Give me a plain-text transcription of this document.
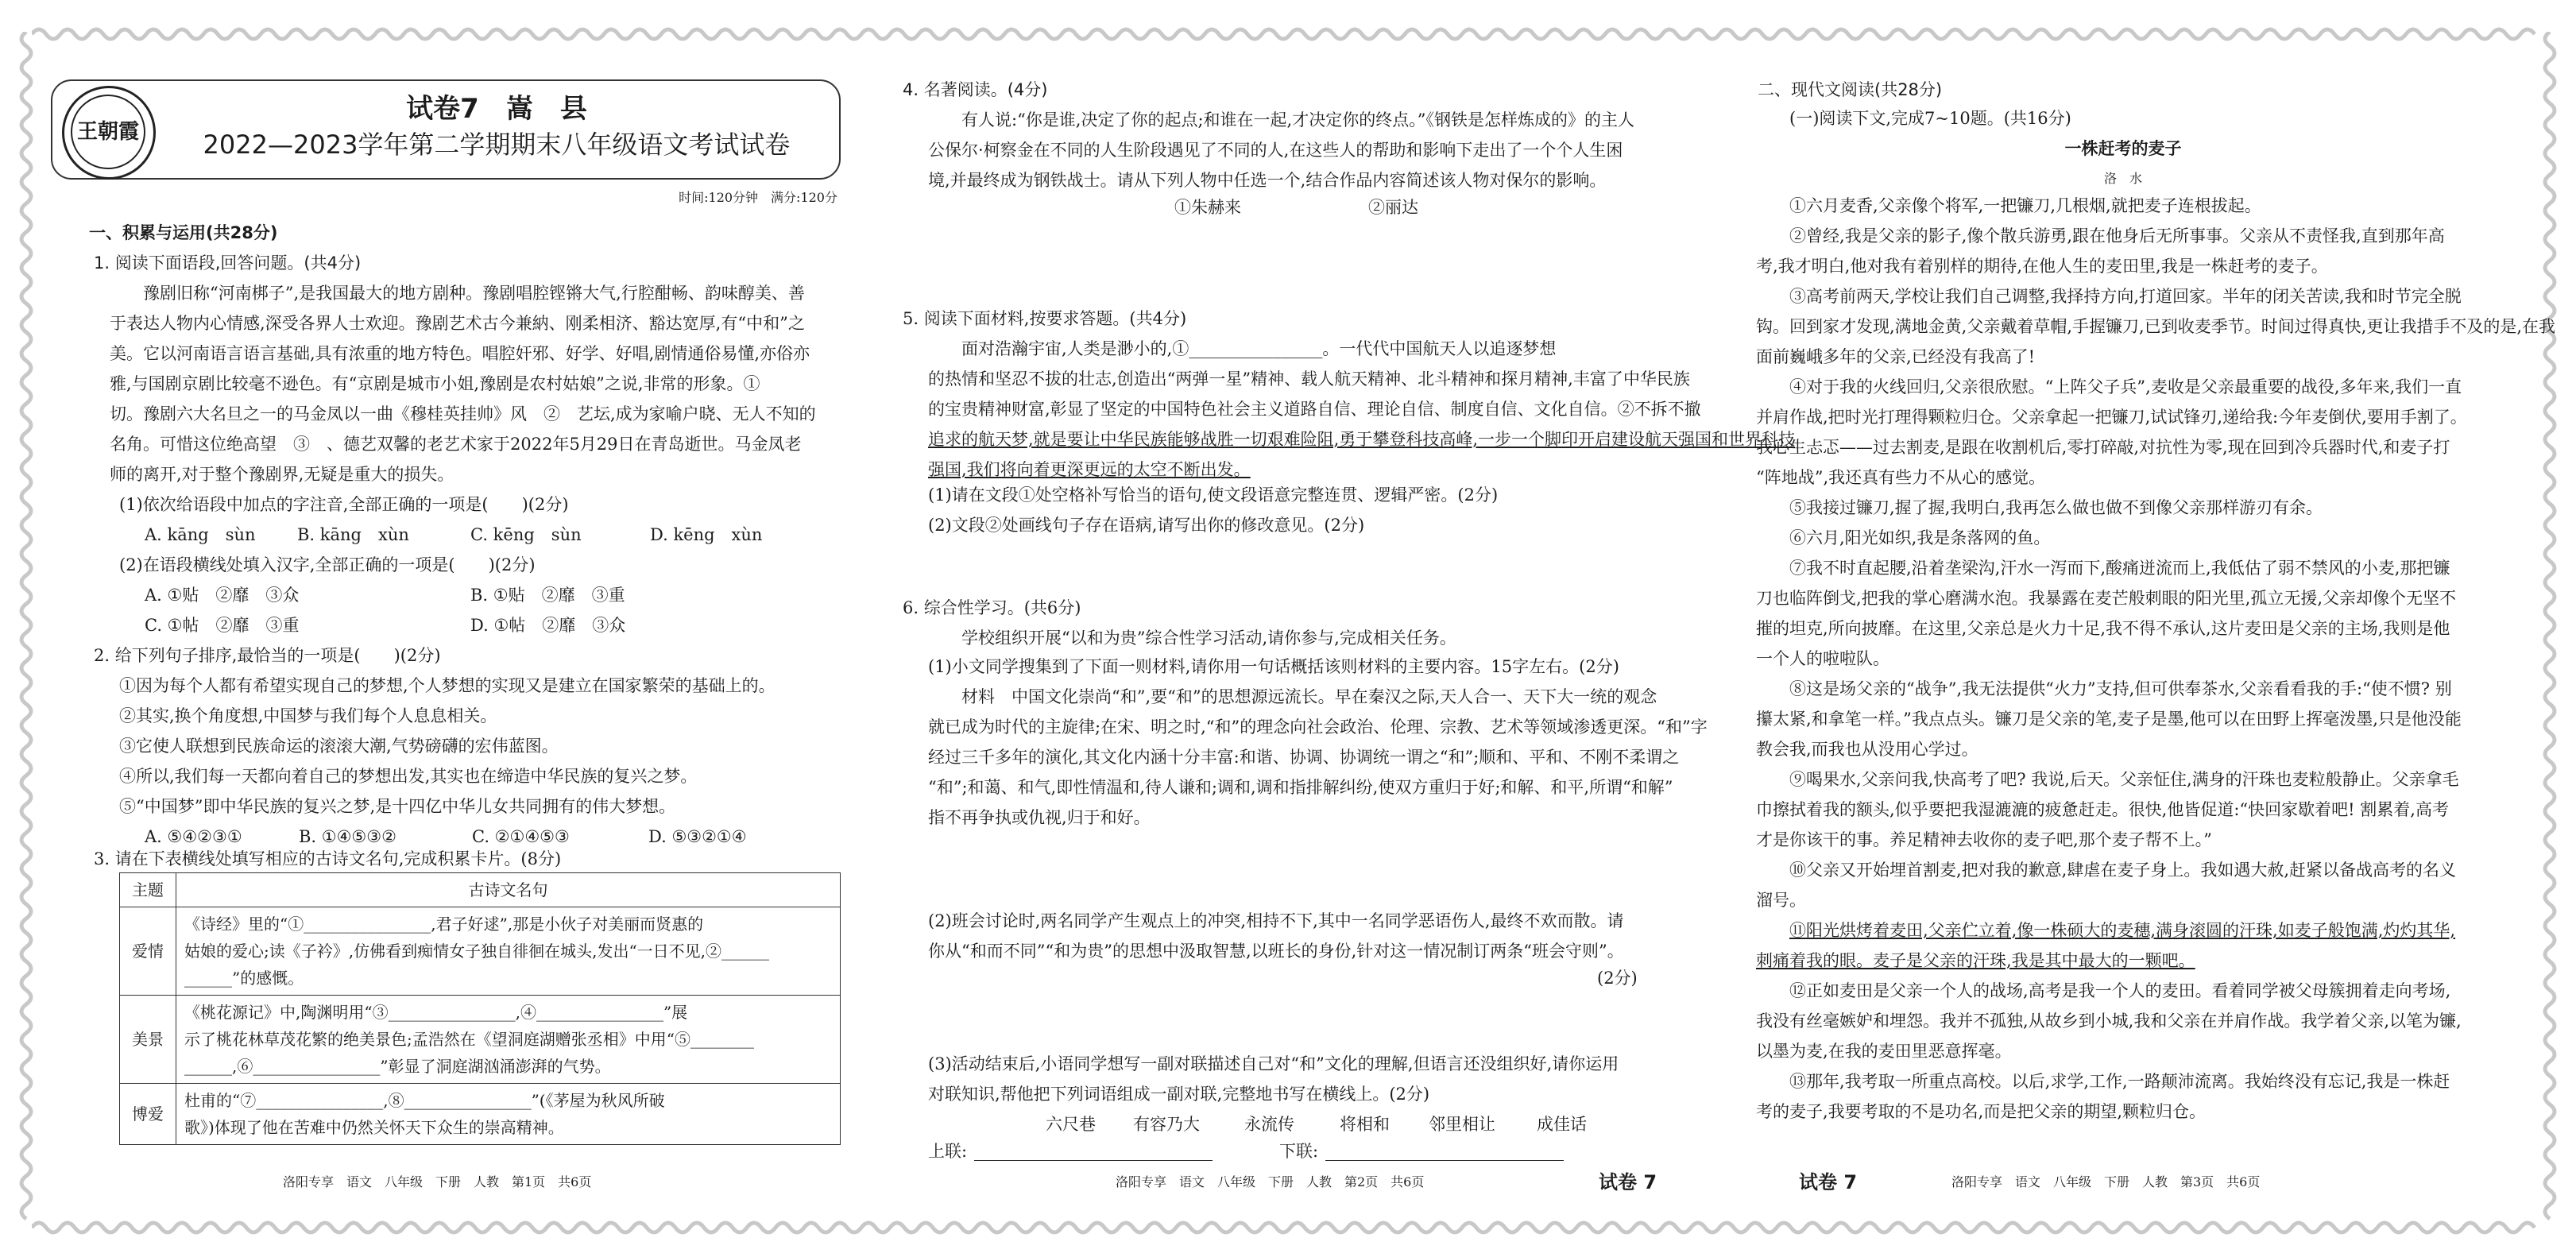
王朝霞
试卷7　嵩　县
2022—2023学年第二学期期末八年级语文考试试卷
时间:120分钟　满分:120分
一、积累与运用(共28分)
1. 阅读下面语段,回答问题。(共4分)
豫剧旧称“河南梆子”,是我国最大的地方剧种。豫剧唱腔铿锵大气,行腔酣畅、韵味醇美、善
于表达人物内心情感,深受各界人士欢迎。豫剧艺术古今兼納、刚柔相济、豁达宽厚,有“中和”之
美。它以河南语言语言基础,具有浓重的地方特色。唱腔奸邪、好学、好唱,剧情通俗易懂,亦俗亦
雅,与国剧京剧比较毫不逊色。有“京剧是城市小姐,豫剧是农村姑娘”之说,非常的形象。①
切。豫剧六大名旦之一的马金凤以一曲《穆桂英挂帅》风　②　艺坛,成为家喻户晓、无人不知的
名角。可惜这位绝高望　③　、德艺双馨的老艺术家于2022年5月29日在青岛逝世。马金凤老
师的离开,对于整个豫剧界,无疑是重大的损失。
(1)依次给语段中加点的字注音,全部正确的一项是(　　)(2分)
A. kāng　sùn B. kāng　xùn	C. kēng　sùn	D. kēng　xùn
(2)在语段横线处填入汉字,全部正确的一项是(　　)(2分)
A. ①贴　②靡　③众	B. ①贴　②靡　③重
C. ①帖　②靡　③重	D. ①帖　②靡　③众
2. 给下列句子排序,最恰当的一项是(　　)(2分)
①因为每个人都有希望实现自己的梦想,个人梦想的实现又是建立在国家繁荣的基础上的。
②其实,换个角度想,中国梦与我们每个人息息相关。
③它使人联想到民族命运的滚滚大潮,气势磅礴的宏伟蓝图。
④所以,我们每一天都向着自己的梦想出发,其实也在缔造中华民族的复兴之梦。
⑤“中国梦”即中华民族的复兴之梦,是十四亿中华儿女共同拥有的伟大梦想。
A. ⑤④②③①	B. ①④⑤③②	C. ②①④⑤③	D. ⑤③②①④
3. 请在下表横线处填写相应的古诗文名句,完成积累卡片。(8分)
主题	古诗文名句
爱情	《诗经》里的“①________________,君子好逑”,那是小伙子对美丽而贤惠的
姑娘的爱心;读《子衿》,仿佛看到痴情女子独自徘徊在城头,发出“一日不见,②______
______”的感慨。

美景	《桃花源记》中,陶渊明用“③________________,④________________”展
示了桃花林草茂花繁的绝美景色;孟浩然在《望洞庭湖赠张丞相》中用“⑤________
______,⑥________________”彰显了洞庭湖汹涌澎湃的气势。

博爱	杜甫的“⑦________________,⑧________________”(《茅屋为秋风所破
歌》)体现了他在苦难中仍然关怀天下众生的崇高精神。
洛阳专享　语文　八年级　下册　人教　第1页　共6页
4. 名著阅读。(4分)
有人说:“你是谁,决定了你的起点;和谁在一起,才决定你的终点。”《钢铁是怎样炼成的》的主人
公保尔·柯察金在不同的人生阶段遇见了不同的人,在这些人的帮助和影响下走出了一个个人生困
境,并最终成为钢铁战士。请从下列人物中任选一个,结合作品内容简述该人物对保尔的影响。
①朱赫来	②丽达
5. 阅读下面材料,按要求答题。(共4分)
面对浩瀚宇宙,人类是渺小的,①________________。一代代中国航天人以追逐梦想
的热情和坚忍不拔的壮志,创造出“两弹一星”精神、载人航天精神、北斗精神和探月精神,丰富了中华民族
的宝贵精神财富,彰显了坚定的中国特色社会主义道路自信、理论自信、制度自信、文化自信。②不拆不撤
追求的航天梦,就是要让中华民族能够战胜一切艰难险阻,勇于攀登科技高峰,一步一个脚印开启建设航天强国和世界科技
强国,我们将向着更深更远的太空不断出发。
(1)请在文段①处空格补写恰当的语句,使文段语意完整连贯、逻辑严密。(2分)
(2)文段②处画线句子存在语病,请写出你的修改意见。(2分)
6. 综合性学习。(共6分)
学校组织开展“以和为贵”综合性学习活动,请你参与,完成相关任务。
(1)小文同学搜集到了下面一则材料,请你用一句话概括该则材料的主要内容。15字左右。(2分)
材料　中国文化崇尚“和”,要“和”的思想源远流长。早在秦汉之际,天人合一、天下大一统的观念
就已成为时代的主旋律;在宋、明之时,“和”的理念向社会政治、伦理、宗教、艺术等领域渗透更深。“和”字
经过三千多年的演化,其文化内涵十分丰富:和谐、协调、协调统一谓之“和”;顺和、平和、不刚不柔谓之
“和”;和蔼、和气,即性情温和,待人谦和;调和,调和指排解纠纷,使双方重归于好;和解、和平,所谓“和解”
指不再争执或仇视,归于和好。
(2)班会讨论时,两名同学产生观点上的冲突,相持不下,其中一名同学恶语伤人,最终不欢而散。请
你从“和而不同”“和为贵”的思想中汲取智慧,以班长的身份,针对这一情况制订两条“班会守则”。
(2分)
(3)活动结束后,小语同学想写一副对联描述自己对“和”文化的理解,但语言还没组织好,请你运用
对联知识,帮他把下列词语组成一副对联,完整地书写在横线上。(2分)
六尺巷 有容乃大	永流传	将相和 邻里相让 成佳话
上联:	下联:
洛阳专享　语文　八年级　下册　人教　第2页　共6页	试卷 7
二、现代文阅读(共28分)
(一)阅读下文,完成7~10题。(共16分)
一株赶考的麦子
洛　水
①六月麦香,父亲像个将军,一把镰刀,几根烟,就把麦子连根拔起。
②曾经,我是父亲的影子,像个散兵游勇,跟在他身后无所事事。父亲从不责怪我,直到那年高
考,我才明白,他对我有着别样的期待,在他人生的麦田里,我是一株赶考的麦子。
③高考前两天,学校让我们自己调整,我择持方向,打道回家。半年的闭关苦读,我和时节完全脱
钩。回到家才发现,满地金黄,父亲戴着草帽,手握镰刀,已到收麦季节。时间过得真快,更让我措手不及的是,在我
面前巍峨多年的父亲,已经没有我高了!
④对于我的火线回归,父亲很欣慰。“上阵父子兵”,麦收是父亲最重要的战役,多年来,我们一直
并肩作战,把时光打理得颗粒归仓。父亲拿起一把镰刀,试试锋刃,递给我:今年麦倒伏,要用手割了。
我心生忐忑——过去割麦,是跟在收割机后,零打碎敲,对抗性为零,现在回到冷兵器时代,和麦子打
“阵地战”,我还真有些力不从心的感觉。
⑤我接过镰刀,握了握,我明白,我再怎么做也做不到像父亲那样游刃有余。
⑥六月,阳光如织,我是条落网的鱼。
⑦我不时直起腰,沿着垄梁沟,汗水一泻而下,酸痛迸流而上,我低估了弱不禁风的小麦,那把镰
刀也临阵倒戈,把我的掌心磨满水泡。我暴露在麦芒般刺眼的阳光里,孤立无援,父亲却像个无坚不
摧的坦克,所向披靡。在这里,父亲总是火力十足,我不得不承认,这片麦田是父亲的主场,我则是他
一个人的啦啦队。
⑧这是场父亲的“战争”,我无法提供“火力”支持,但可供奉茶水,父亲看看我的手:“使不惯? 别
攥太紧,和拿笔一样。”我点点头。镰刀是父亲的笔,麦子是墨,他可以在田野上挥毫泼墨,只是他没能
教会我,而我也从没用心学过。
⑨喝果水,父亲问我,快高考了吧? 我说,后天。父亲怔住,满身的汗珠也麦粒般静止。父亲拿毛
巾擦拭着我的额头,似乎要把我湿漉漉的疲惫赶走。很快,他皆促道:“快回家歇着吧! 割累着,高考
才是你该干的事。养足精神去收你的麦子吧,那个麦子帮不上。”
⑩父亲又开始埋首割麦,把对我的歉意,肆虐在麦子身上。我如遇大赦,赶紧以备战高考的名义
溜号。
⑪阳光烘烤着麦田,父亲伫立着,像一株硕大的麦穗,满身滚圆的汗珠,如麦子般饱满,灼灼其华,
刺痛着我的眼。麦子是父亲的汗珠,我是其中最大的一颗吧。
⑫正如麦田是父亲一个人的战场,高考是我一个人的麦田。看着同学被父母簇拥着走向考场,
我没有丝毫嫉妒和埋怨。我并不孤独,从故乡到小城,我和父亲在并肩作战。我学着父亲,以笔为镰,
以墨为麦,在我的麦田里恶意挥毫。
⑬那年,我考取一所重点高校。以后,求学,工作,一路颠沛流离。我始终没有忘记,我是一株赶
考的麦子,我要考取的不是功名,而是把父亲的期望,颗粒归仓。
试卷 7	洛阳专享　语文　八年级　下册　人教　第3页　共6页
